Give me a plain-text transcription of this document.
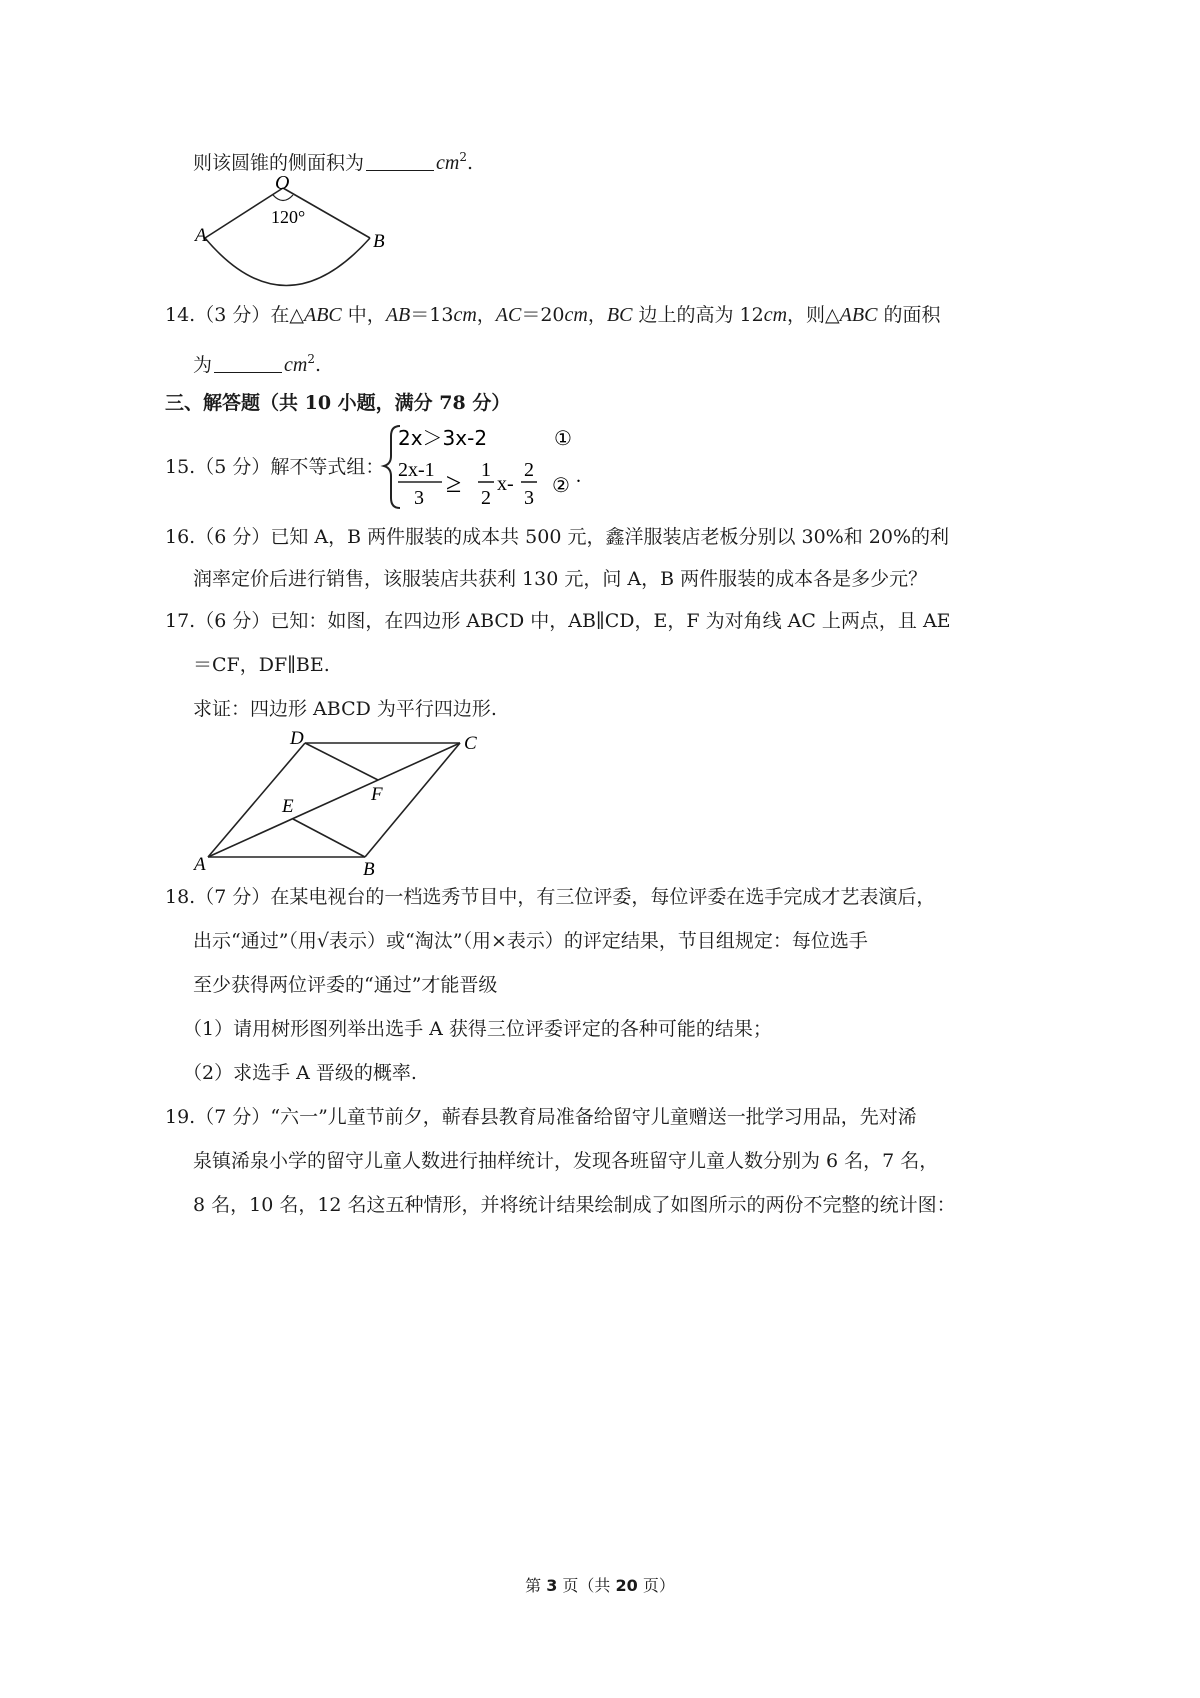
则该圆锥的侧面积为	$cm^2$.
O
120°
A	B
14.（3 分）在△ABC 中，AB＝13cm，AC＝20cm，BC 边上的高为 12cm，则△ABC 的面积
为	$cm^2$.
三、解答题（共 10 小题，满分 78 分）
15.（5 分）解不等式组：
2x＞3x-2	①
2x-1
3 ≥ 1
2
x-
2
3
② .
16.（6 分）已知 A，B 两件服装的成本共 500 元，鑫洋服装店老板分别以 30%和 20%的利
润率定价后进行销售，该服装店共获利 130 元，问 A，B 两件服装的成本各是多少元？
17.（6 分）已知：如图，在四边形 ABCD 中，AB∥CD，E，F 为对角线 AC 上两点，且 AE
＝CF，DF∥BE.
求证：四边形 ABCD 为平行四边形.
A	B
C
D
E
F
18.（7 分）在某电视台的一档选秀节目中，有三位评委，每位评委在选手完成才艺表演后，
出示“通过”（用√表示）或“淘汰”（用×表示）的评定结果，节目组规定：每位选手
至少获得两位评委的“通过”才能晋级
（1）请用树形图列举出选手 A 获得三位评委评定的各种可能的结果；
（2）求选手 A 晋级的概率.
19.（7 分）“六一”儿童节前夕，蕲春县教育局准备给留守儿童赠送一批学习用品，先对浠
泉镇浠泉小学的留守儿童人数进行抽样统计，发现各班留守儿童人数分别为 6 名，7 名，
8 名，10 名，12 名这五种情形，并将统计结果绘制成了如图所示的两份不完整的统计图：
第 3 页（共 20 页）
